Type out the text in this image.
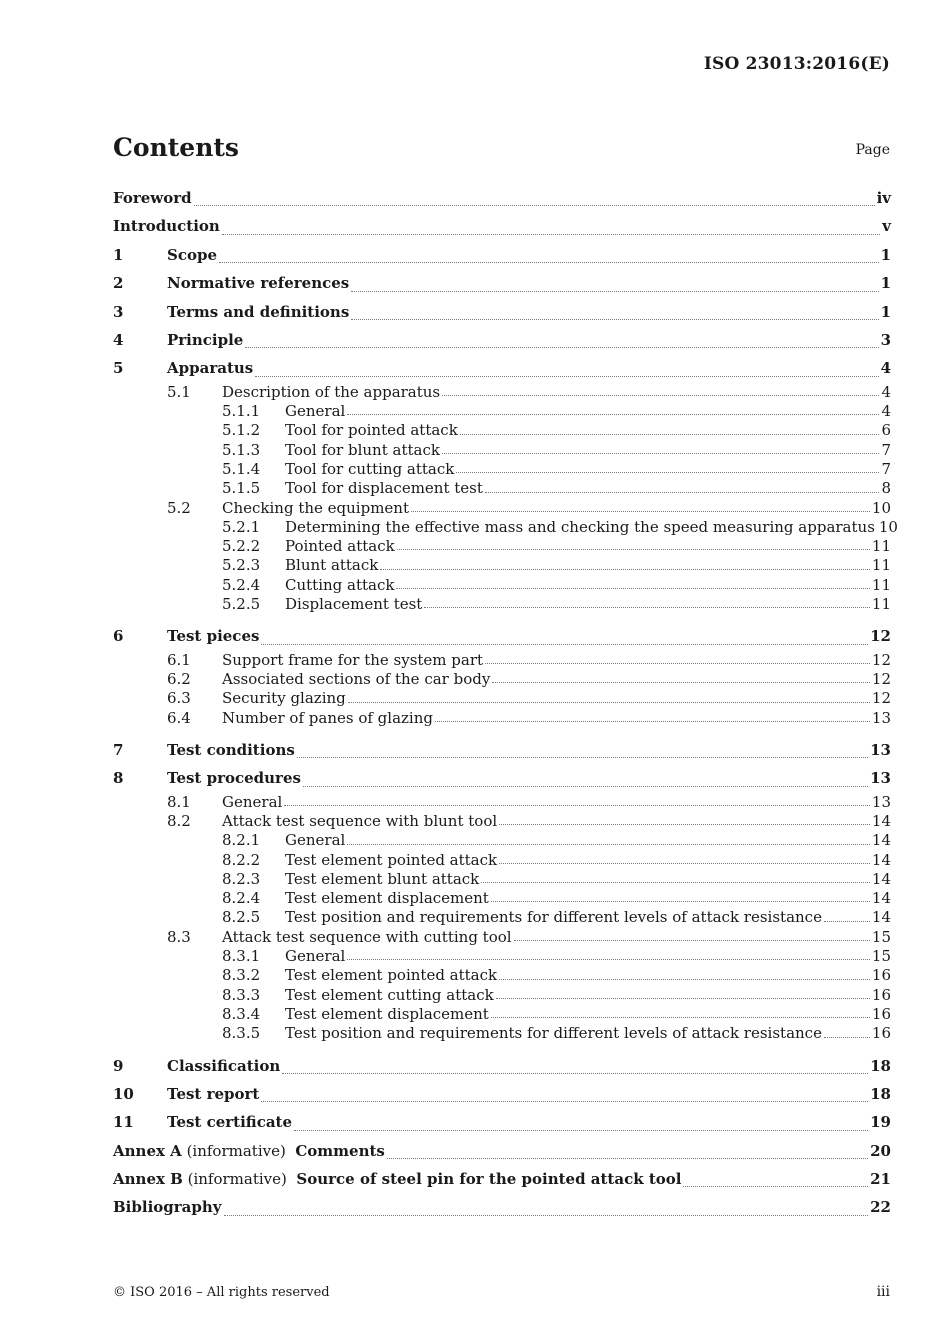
ISO 23013:2016(E)
Contents	Page
Foreword	iv
Introduction	v
1	Scope	1
2	Normative references	1
3	Terms and definitions	1
4	Principle	3
5	Apparatus	4
5.1	Description of the apparatus	4
5.1.1	General	4
5.1.2	Tool for pointed attack	6
5.1.3	Tool for blunt attack	7
5.1.4	Tool for cutting attack	7
5.1.5	Tool for displacement test	8
5.2	Checking the equipment	10
5.2.1	Determining the effective mass and checking the speed measuring apparatus 10
5.2.2	Pointed attack	11
5.2.3	Blunt attack	11
5.2.4	Cutting attack	11
5.2.5	Displacement test	11
6	Test pieces	12
6.1	Support frame for the system part	12
6.2	Associated sections of the car body	12
6.3	Security glazing	12
6.4	Number of panes of glazing	13
7	Test conditions	13
8	Test procedures	13
8.1	General	13
8.2	Attack test sequence with blunt tool	14
8.2.1	General	14
8.2.2	Test element pointed attack	14
8.2.3	Test element blunt attack	14
8.2.4	Test element displacement	14
8.2.5	Test position and requirements for different levels of attack resistance	14
8.3	Attack test sequence with cutting tool	15
8.3.1	General	15
8.3.2	Test element pointed attack	16
8.3.3	Test element cutting attack	16
8.3.4	Test element displacement	16
8.3.5	Test position and requirements for different levels of attack resistance	16
9	Classification	18
10	Test report	18
11	Test certificate	19
Annex A (informative)  Comments	20
Annex B (informative)  Source of steel pin for the pointed attack tool	21
Bibliography	22
© ISO 2016 – All rights reserved	iii
